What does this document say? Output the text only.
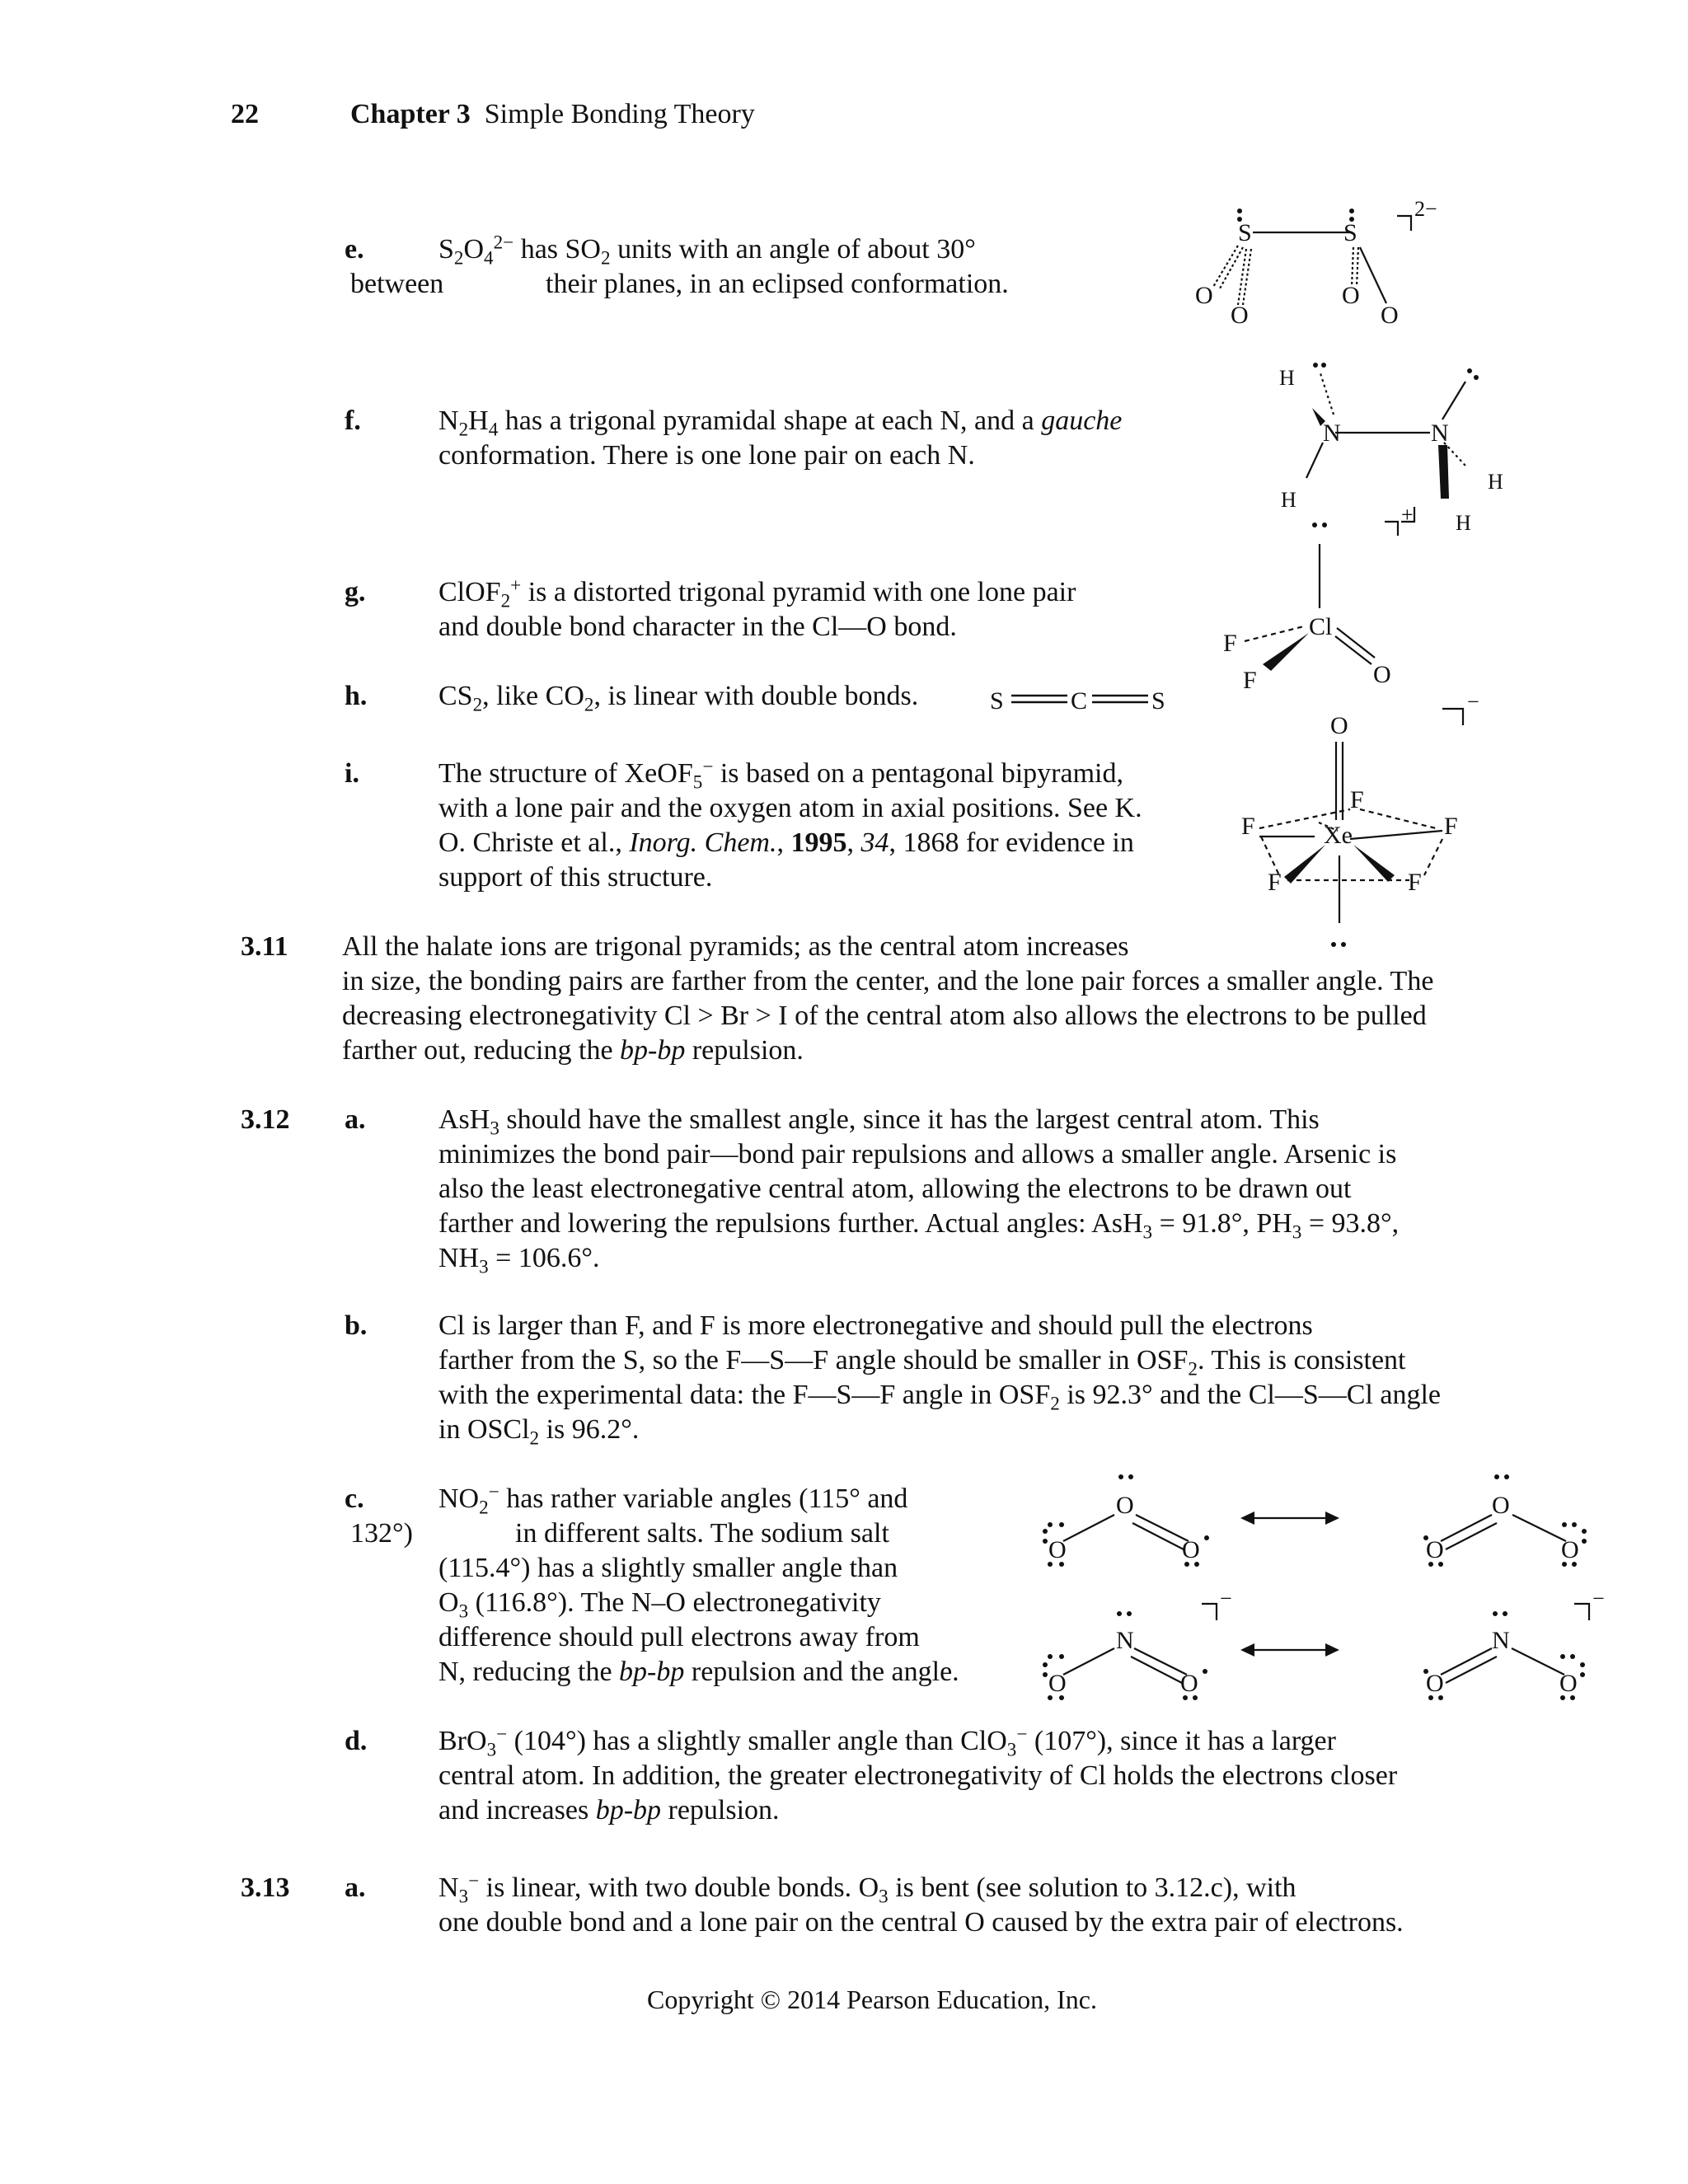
22	Chapter 3 Simple Bonding Theory
e.	$S_2O_4^{2-}$ has $SO_2$ units with an angle of about 30°
between	their planes, in an eclipsed conformation.
f.	$N_2H_4$ has a trigonal pyramidal shape at each N, and a gauche
conformation. There is one lone pair on each N.
g.	ClOF$_2$+ is a distorted trigonal pyramid with one lone pair
and double bond character in the Cl—O bond.
h.	$CS_2$, like $CO_2$, is linear with double bonds.
i.	The structure of XeOF$_5$− is based on a pentagonal bipyramid,
with a lone pair and the oxygen atom in axial positions. See K.
O. Christe et al., Inorg. Chem., 1995, 34, 1868 for evidence in
support of this structure.
3.11 All the halate ions are trigonal pyramids; as the central atom increases
in size, the bonding pairs are farther from the center, and the lone pair forces a smaller angle. The
decreasing electronegativity Cl > Br > I of the central atom also allows the electrons to be pulled
farther out, reducing the bp-bp repulsion.
3.12 a.	AsH$_3$ should have the smallest angle, since it has the largest central atom. This
minimizes the bond pair—bond pair repulsions and allows a smaller angle. Arsenic is
also the least electronegative central atom, allowing the electrons to be drawn out
farther and lowering the repulsions further. Actual angles: AsH$_3$ = 91.8°, $PH_3 = 93.8^\circ$,
$NH_3 = 106.6^\circ$.
b.	Cl is larger than F, and F is more electronegative and should pull the electrons
farther from the S, so the F—S—F angle should be smaller in $OSF_2$. This is consistent
with the experimental data: the F—S—F angle in $OSF_2$ is 92.3° and the Cl—S—Cl angle
in OSCl$_2$ is 96.2°.
c.	$NO_2^-$ has rather variable angles (115° and
132°)	in different salts. The sodium salt
(115.4°) has a slightly smaller angle than
$O_3$ (116.8°). The N–O electronegativity
difference should pull electrons away from
N, reducing the bp-bp repulsion and the angle.
d.	BrO$_3$− (104°) has a slightly smaller angle than ClO$_3$− (107°), since it has a larger
central atom. In addition, the greater electronegativity of Cl holds the electrons closer
and increases bp-bp repulsion.
3.13 a.	$N_3^-$ is linear, with two double bonds. $O_3$ is bent (see solution to 3.12.c), with
one double bond and a lone pair on the central O caused by the extra pair of electrons.
Copyright © 2014 Pearson Education, Inc.
S	S
O
O
O
O
2−
N	N
H
H
H
H
Cl
F
F	O
+
S	C	S
O
Xe
F
F	F
F	F
−
O
O	O
O
O	O
N
O	O
−
N
O	O
−
